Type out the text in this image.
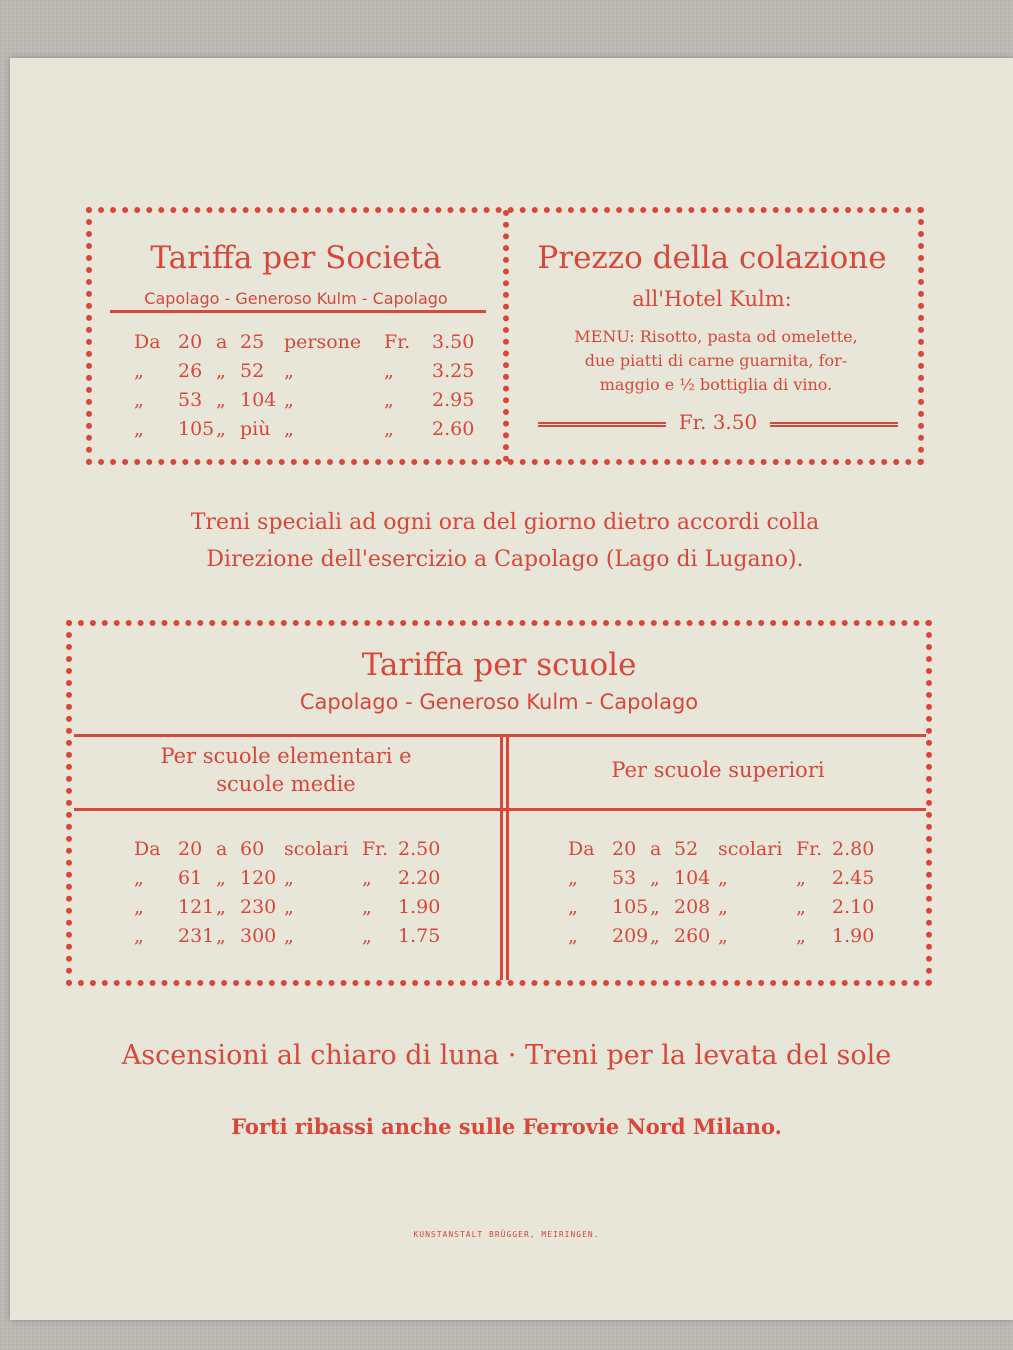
Tariffa per Società
Capolago - Generoso Kulm - Capolago
Da 20 a 25 persone Fr. 3.50
„ 26 „ 52 „	„ 3.25
„ 53 „ 104 „	„ 2.95
„ 105 „ più „	„ 2.60
Prezzo della colazione
all'Hotel Kulm:
MENU: Risotto, pasta od omelette,
due piatti di carne guarnita, for-
maggio e ½ bottiglia di vino.
Fr. 3.50
Treni speciali ad ogni ora del giorno dietro accordi colla
Direzione dell'esercizio a Capolago (Lago di Lugano).
Tariffa per scuole
Capolago - Generoso Kulm - Capolago
Per scuole elementari e
scuole medie
Per scuole superiori
Da 20 a 60 scolari Fr. 2.50
„ 61 „ 120 „	„ 2.20
„ 121 „ 230 „	„ 1.90
„ 231 „ 300 „	„ 1.75
Da 20 a 52 scolari Fr. 2.80
„ 53 „ 104 „	„ 2.45
„ 105 „ 208 „	„ 2.10
„ 209 „ 260 „	„ 1.90
Ascensioni al chiaro di luna · Treni per la levata del sole
Forti ribassi anche sulle Ferrovie Nord Milano.
KUNSTANSTALT BRÜGGER, MEIRINGEN.
